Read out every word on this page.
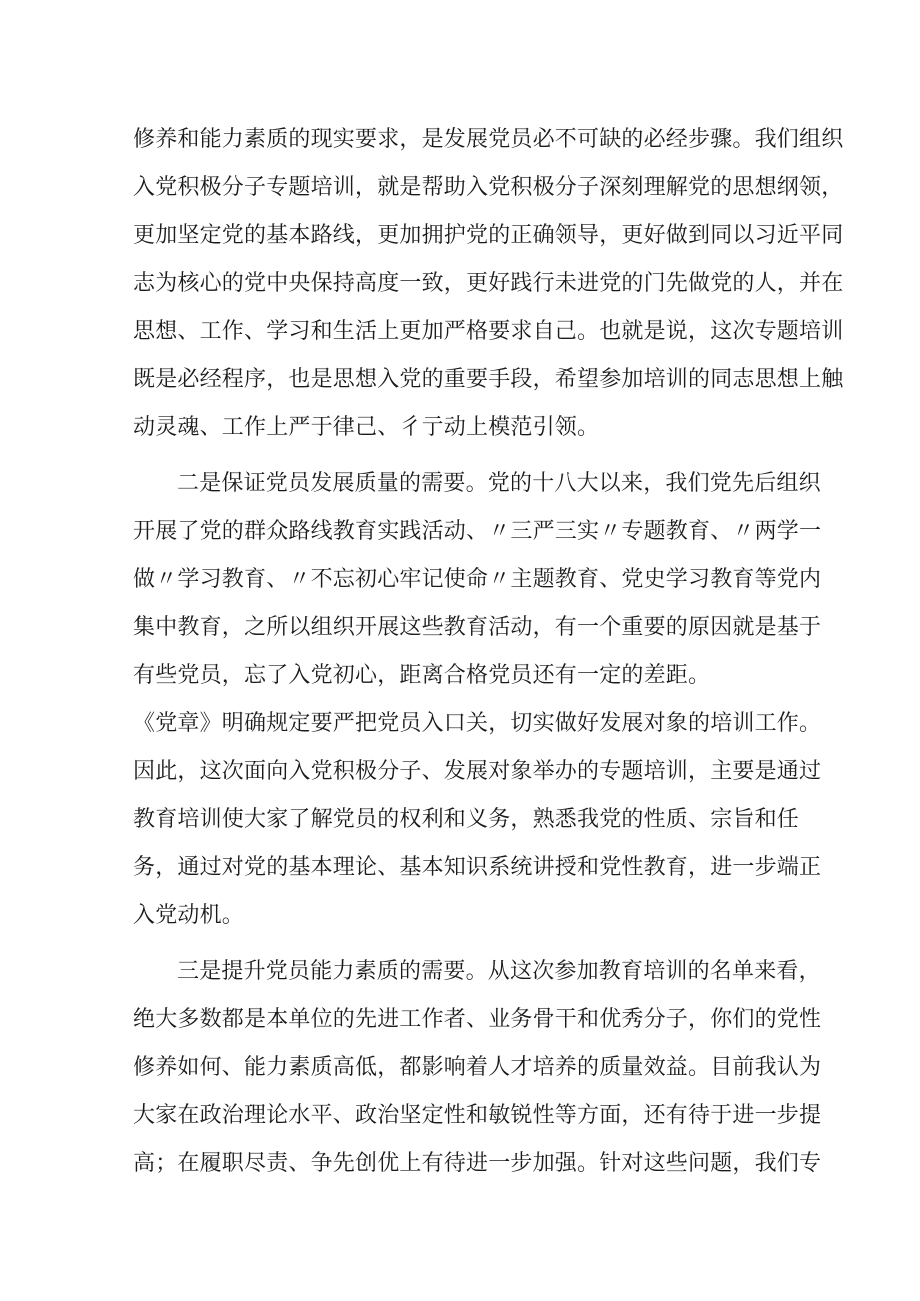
修养和能力素质的现实要求，是发展党员必不可缺的必经步骤。我们组织
入党积极分子专题培训，就是帮助入党积极分子深刻理解党的思想纲领，
更加坚定党的基本路线，更加拥护党的正确领导，更好做到同以习近平同
志为核心的党中央保持高度一致，更好践行未进党的门先做党的人，并在
思想、工作、学习和生活上更加严格要求自己。也就是说，这次专题培训
既是必经程序，也是思想入党的重要手段，希望参加培训的同志思想上触
动灵魂、工作上严于律己、彳亍动上模范引领。
二是保证党员发展质量的需要。党的十八大以来，我们党先后组织
开展了党的群众路线教育实践活动、〃三严三实〃专题教育、〃两学一
做〃学习教育、〃不忘初心牢记使命〃主题教育、党史学习教育等党内
集中教育，之所以组织开展这些教育活动，有一个重要的原因就是基于
有些党员，忘了入党初心，距离合格党员还有一定的差距。
《党章》明确规定要严把党员入口关，切实做好发展对象的培训工作。
因此，这次面向入党积极分子、发展对象举办的专题培训，主要是通过
教育培训使大家了解党员的权利和义务，熟悉我党的性质、宗旨和任
务，通过对党的基本理论、基本知识系统讲授和党性教育，进一步端正
入党动机。
三是提升党员能力素质的需要。从这次参加教育培训的名单来看，
绝大多数都是本单位的先进工作者、业务骨干和优秀分子，你们的党性
修养如何、能力素质高低，都影响着人才培养的质量效益。目前我认为
大家在政治理论水平、政治坚定性和敏锐性等方面，还有待于进一步提
高；在履职尽责、争先创优上有待进一步加强。针对这些问题，我们专
